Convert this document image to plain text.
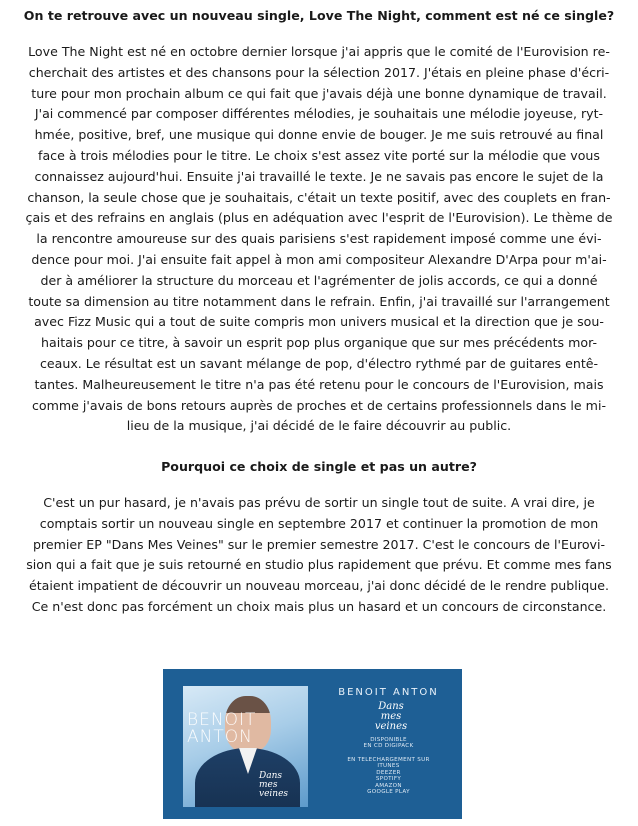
On te retrouve avec un nouveau single, Love The Night, comment est né ce single?
Love The Night est né en octobre dernier lorsque j'ai appris que le comité de l'Eurovision re-
cherchait des artistes et des chansons pour la sélection 2017. J'étais en pleine phase d'écri-
ture pour mon prochain album ce qui fait que j'avais déjà une bonne dynamique de travail.
J'ai commencé par composer différentes mélodies, je souhaitais une mélodie joyeuse, ryt-
hmée, positive, bref, une musique qui donne envie de bouger. Je me suis retrouvé au final
face à trois mélodies pour le titre. Le choix s'est assez vite porté sur la mélodie que vous
connaissez aujourd'hui. Ensuite j'ai travaillé le texte. Je ne savais pas encore le sujet de la
chanson, la seule chose que je souhaitais, c'était un texte positif, avec des couplets en fran-
çais et des refrains en anglais (plus en adéquation avec l'esprit de l'Eurovision). Le thème de
la rencontre amoureuse sur des quais parisiens s'est rapidement imposé comme une évi-
dence pour moi. J'ai ensuite fait appel à mon ami compositeur Alexandre D'Arpa pour m'ai-
der à améliorer la structure du morceau et l'agrémenter de jolis accords, ce qui a donné
toute sa dimension au titre notamment dans le refrain. Enfin, j'ai travaillé sur l'arrangement
avec Fizz Music qui a tout de suite compris mon univers musical et la direction que je sou-
haitais pour ce titre, à savoir un esprit pop plus organique que sur mes précédents mor-
ceaux. Le résultat est un savant mélange de pop, d'électro rythmé par de guitares entê-
tantes. Malheureusement le titre n'a pas été retenu pour le concours de l'Eurovision, mais
comme j'avais de bons retours auprès de proches et de certains professionnels dans le mi-
lieu de la musique, j'ai décidé de le faire découvrir au public.
Pourquoi ce choix de single et pas un autre?
C'est un pur hasard, je n'avais pas prévu de sortir un single tout de suite. A vrai dire, je
comptais sortir un nouveau single en septembre 2017 et continuer la promotion de mon
premier EP "Dans Mes Veines" sur le premier semestre 2017. C'est le concours de l'Eurovi-
sion qui a fait que je suis retourné en studio plus rapidement que prévu. Et comme mes fans
étaient impatient de découvrir un nouveau morceau, j'ai donc décidé de le rendre publique.
Ce n'est donc pas forcément un choix mais plus un hasard et un concours de circonstance.
BENOIT
ANTON
Dans
mes
veines
BENOIT ANTON
Dans
mes
veines
DISPONIBLE
EN CD DIGIPACK
EN TELECHARGEMENT SUR
ITUNES
DEEZER
SPOTIFY
AMAZON
GOOGLE PLAY
